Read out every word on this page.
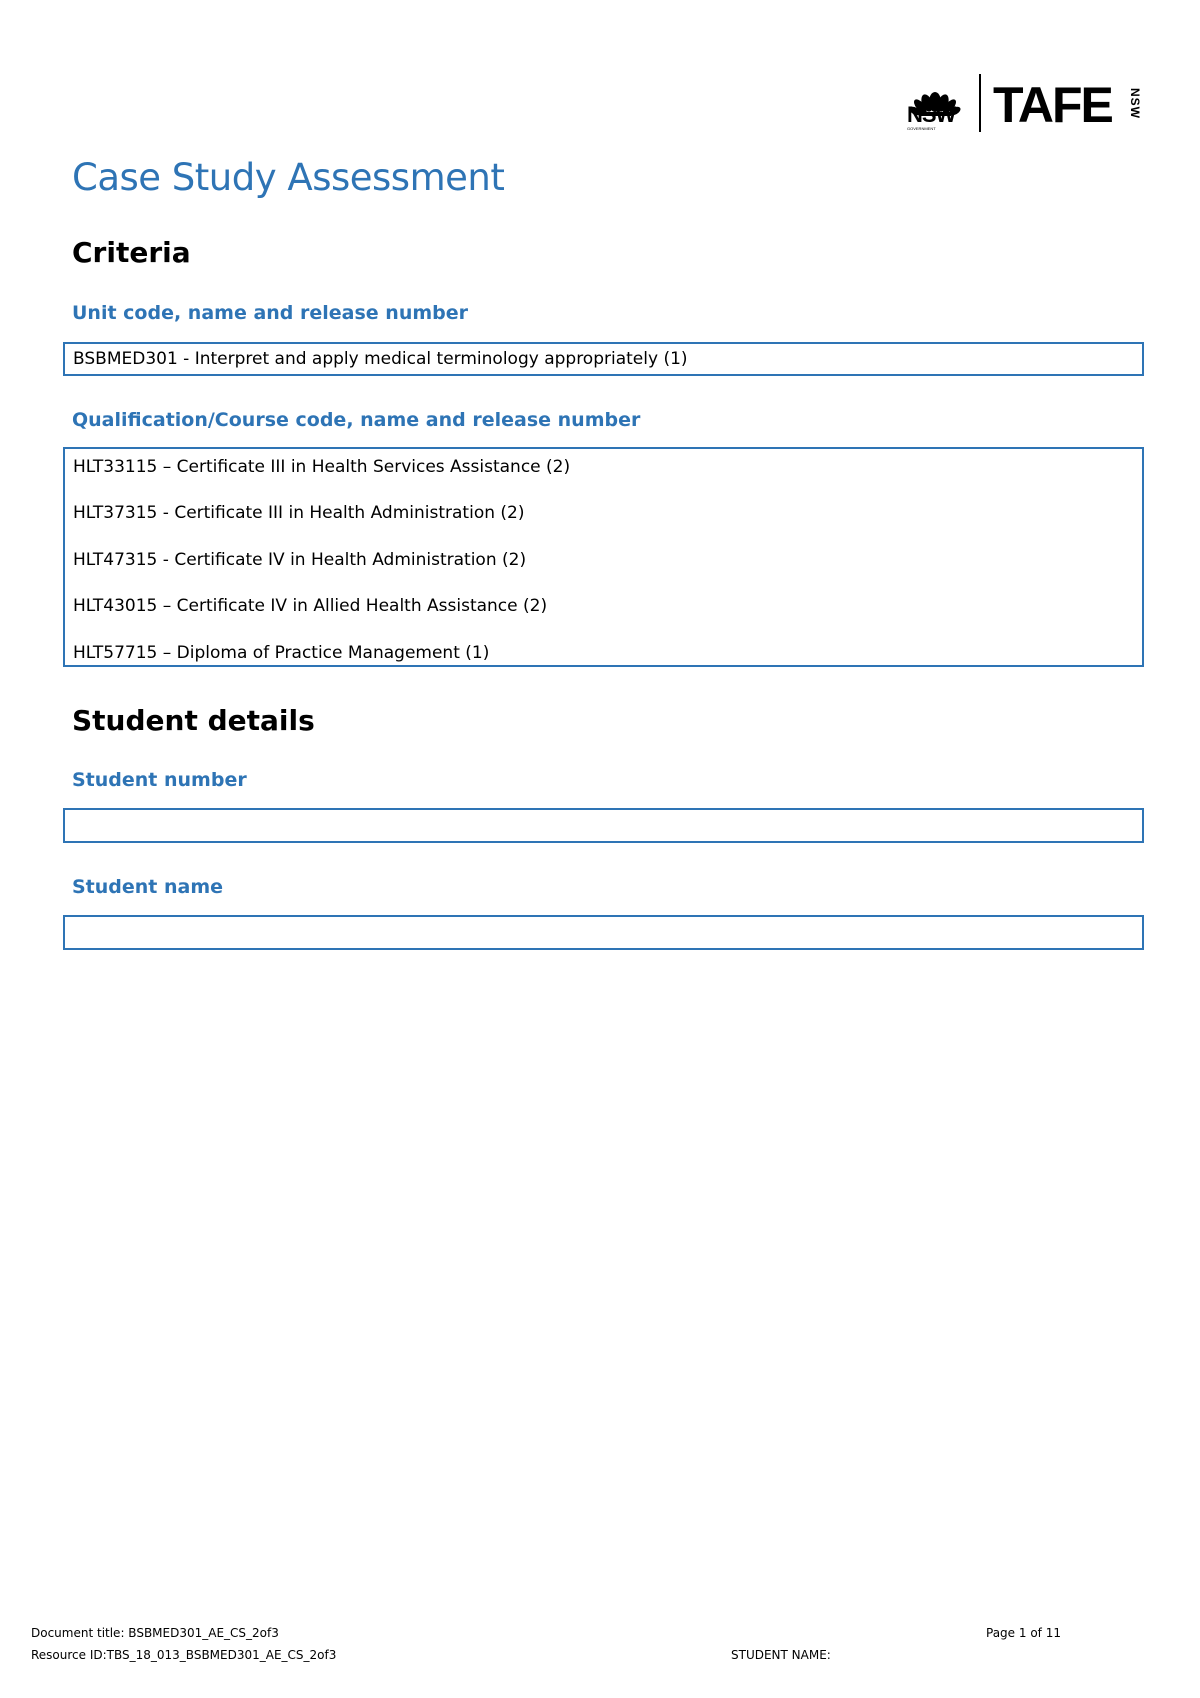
NSW
GOVERNMENT TAFE NSW
Case Study Assessment
Criteria
Unit code, name and release number
BSBMED301 - Interpret and apply medical terminology appropriately (1)
Qualification/Course code, name and release number
HLT33115 – Certificate III in Health Services Assistance (2)
HLT37315 - Certificate III in Health Administration (2)
HLT47315 - Certificate IV in Health Administration (2)
HLT43015 – Certificate IV in Allied Health Assistance (2)
HLT57715 – Diploma of Practice Management (1)
Student details
Student number
Student name
Document title: BSBMED301_AE_CS_2of3
Resource ID:TBS_18_013_BSBMED301_AE_CS_2of3
Page 1 of 11
STUDENT NAME:
